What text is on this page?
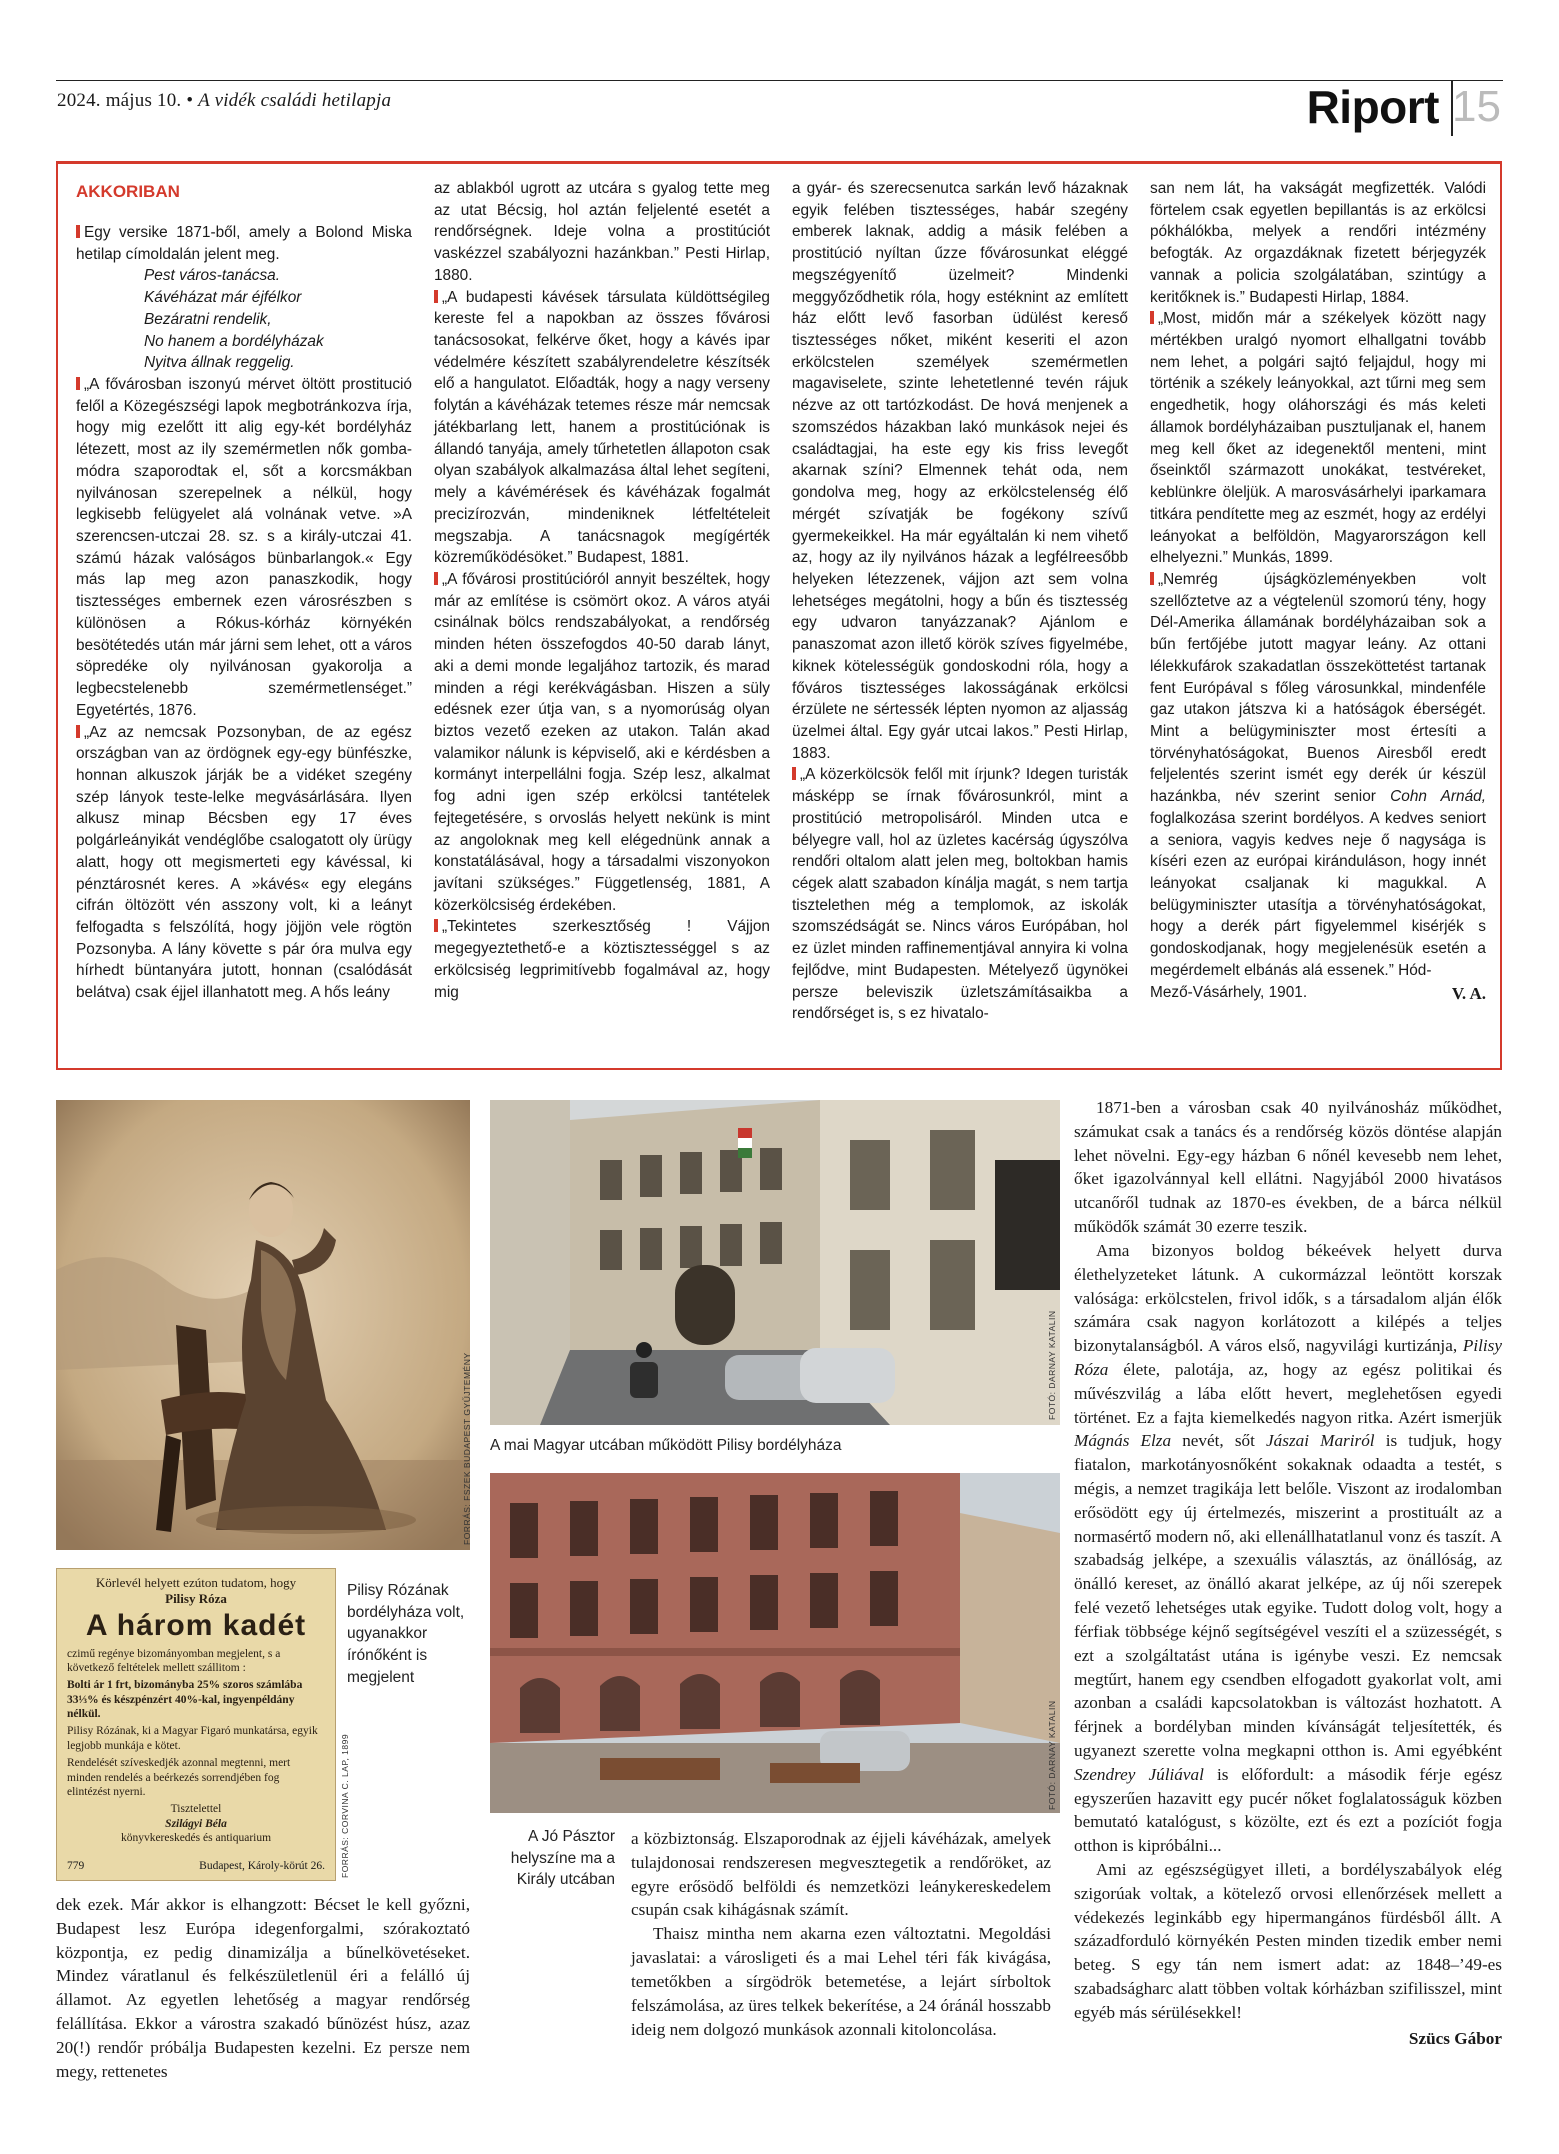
2024. május 10. • A vidék családi hetilapja	Riport 15
AKKORIBAN

Egy versike 1871-ből, amely a Bolond Miska hetilap címoldalán jelent meg.

Pest város-tanácsa.
Kávéházat már éjfélkor
Bezáratni rendelik,
No hanem a bordélyházak
Nyitva állnak reggelig.

„A fővárosban iszonyú mérvet öltött prostitució felől a Közegészségi lapok megbotránkozva írja, hogy mig ezelőtt itt alig egy-két bordélyház létezett, most az ily szemérmetlen nők gomba-módra szaporodtak el, sőt a korcsmákban nyilvánosan szerepelnek a nélkül, hogy legkisebb felügyelet alá volnának vetve. »A szerencsen-utczai 28. sz. s a király-utczai 41. számú házak valóságos bünbarlangok.« Egy más lap meg azon panaszkodik, hogy tisztességes embernek ezen városrészben s különösen a Rókus-kórház környékén besötétedés után már járni sem lehet, ott a város söpredéke oly nyilvánosan gyakorolja a legbecstelenebb szemérmetlenséget.” Egyetértés, 1876.

„Az az nemcsak Pozsonyban, de az egész országban van az ördögnek egy-egy bünfészke, honnan alkuszok járják be a vidéket szegény szép lányok teste-lelke megvásárlására. Ilyen alkusz minap Bécsben egy 17 éves polgárleányikát vendéglőbe csalogatott oly ürügy alatt, hogy ott megismerteti egy kávéssal, ki pénztárosnét keres. A »kávés« egy elegáns cifrán öltözött vén asszony volt, ki a leányt felfogadta s felszólítá, hogy jöjjön vele rögtön Pozsonyba. A lány követte s pár óra mulva egy hírhedt büntanyára jutott, honnan (csalódását belátva) csak éjjel illanhatott meg. A hős leány

az ablakból ugrott az utcára s gyalog tette meg az utat Bécsig, hol aztán feljelenté esetét a rendőrségnek. Ideje volna a prostitúciót vaskézzel szabályozni hazánkban.” Pesti Hirlap, 1880.

„A budapesti kávések társulata küldöttségileg kereste fel a napokban az összes fővárosi tanácsosokat, felkérve őket, hogy a kávés ipar védelmére készített szabályrendeletre készítsék elő a hangulatot. Előadták, hogy a nagy verseny folytán a kávéházak tetemes része már nemcsak játékbarlang lett, hanem a prostitúciónak is állandó tanyája, amely tűrhetetlen állapoton csak olyan szabályok alkalmazása által lehet segíteni, mely a kávémérések és kávéházak fogalmát precizírozván, mindeniknek létfeltételeit megszabja. A tanácsnagok megígérték közreműködésöket.” Budapest, 1881.

„A fővárosi prostitúcióról annyit beszéltek, hogy már az említése is csömört okoz. A város atyái csinálnak bölcs rendszabályokat, a rendőrség minden héten összefogdos 40-50 darab lányt, aki a demi monde legaljához tartozik, és marad minden a régi kerékvágásban. Hiszen a süly edésnek ezer útja van, s a nyomorúság olyan biztos vezető ezeken az utakon. Talán akad valamikor nálunk is képviselő, aki e kérdésben a kormányt interpellálni fogja. Szép lesz, alkalmat fog adni igen szép erkölcsi tantételek fejtegetésére, s orvoslás helyett nekünk is mint az angoloknak meg kell elégednünk annak a konstatálásával, hogy a társadalmi viszonyokon javítani szükséges.” Függetlenség, 1881, A közerkölcsiség érdekében.

„Tekintetes szerkesztőség ! Vájjon megegyeztethető-e a köztisztességgel s az erkölcsiség legprimitívebb fogalmával az, hogy mig

a gyár- és szerecsenutca sarkán levő házaknak egyik felében tisztességes, habár szegény emberek laknak, addig a másik felében a prostitúció nyíltan űzze fővárosunkat eléggé megszégyenítő üzelmeit? Mindenki meggyőződhetik róla, hogy estéknint az említett ház előtt levő fasorban üdülést kereső tisztességes nőket, miként keseriti el azon erkölcstelen személyek szemérmetlen magaviselete, szinte lehetetlenné tevén rájuk nézve az ott tartózkodást. De hová menjenek a szomszédos házakban lakó munkások nejei és családtagjai, ha este egy kis friss levegőt akarnak színi? Elmennek tehát oda, nem gondolva meg, hogy az erkölcstelenség élő mérgét szívatják be fogékony szívű gyermekeikkel. Ha már egyáltalán ki nem vihető az, hogy az ily nyilvános házak a legféIreesőbb helyeken létezzenek, vájjon azt sem volna lehetséges megátolni, hogy a bűn és tisztesség egy udvaron tanyázzanak? Ajánlom e panaszomat azon illető körök szíves figyelmébe, kiknek kötelességük gondoskodni róla, hogy a főváros tisztességes lakosságának erkölcsi érzülete ne sértessék lépten nyomon az aljasság üzelmei által. Egy gyár utcai lakos.” Pesti Hirlap, 1883.

„A közerkölcsök felől mit írjunk? Idegen turisták másképp se írnak fővárosunkról, mint a prostitúció metropolisáról. Minden utca e bélyegre vall, hol az üzletes kacérság úgyszólva rendőri oltalom alatt jelen meg, boltokban hamis cégek alatt szabadon kínálja magát, s nem tartja tisztelethen még a templomok, az iskolák szomszédságát se. Nincs város Európában, hol ez üzlet minden raffinementjával annyira ki volna fejlődve, mint Budapesten. Mételyező ügynökei persze beleviszik üzletszámításaikba a rendőrséget is, s ez hivatalo-

san nem lát, ha vakságát megfizették. Valódi förtelem csak egyetlen bepillantás is az erkölcsi pókhálókba, melyek a rendőri intézmény befogták. Az orgazdáknak fizetett bérjegyzék vannak a policia szolgálatában, szintúgy a keritőknek is.” Budapesti Hirlap, 1884.

„Most, midőn már a székelyek között nagy mértékben uralgó nyomort elhallgatni tovább nem lehet, a polgári sajtó feljajdul, hogy mi történik a székely leányokkal, azt tűrni meg sem engedhetik, hogy oláhországi és más keleti államok bordélyházaiban pusztuljanak el, hanem meg kell őket az idegenektől menteni, mint őseinktől származott unokákat, testvéreket, keblünkre öleljük. A marosvásárhelyi iparkamara titkára pendítette meg az eszmét, hogy az erdélyi leányokat a belföldön, Magyarországon kell elhelyezni.” Munkás, 1899.

„Nemrég újságközleményekben volt szellőztetve az a végtelenül szomorú tény, hogy Dél-Amerika államának bordélyházaiban sok a bűn fertőjébe jutott magyar leány. Az ottani lélekkufárok szakadatlan összeköttetést tartanak fent Európával s főleg városunkkal, mindenféle gaz utakon játszva ki a hatóságok éberségét. Mint a belügyminiszter most értesíti a törvényhatóságokat, Buenos Airesből eredt feljelentés szerint ismét egy derék úr készül hazánkba, név szerint senior Cohn Arnád, foglalkozása szerint bordélyos. A kedves seniort a seniora, vagyis kedves neje ő nagysága is kíséri ezen az európai kiránduláson, hogy innét leányokat csaljanak ki magukkal. A belügyminiszter utasítja a törvényhatóságokat, hogy a derék párt figyelemmel kisérjék s gondoskodjanak, hogy megjelenésük esetén a megérdemelt elbánás alá essenek.” Hód-

Mező-Vásárhely, 1901.	V. A.

FORRÁS: FSZEK BUDAPEST GYŰJTEMÉNY
Körlevél helyett ezúton tudatom, hogy
Pilisy Róza
A három kadét
czimű regénye bizományomban megjelent, s a következő feltételek mellett szállitom :
Bolti ár 1 frt, bizományba 25% szoros számlába 33⅓% és készpénzért 40%-kal, ingyenpéldány nélkül.
Pilisy Rózának, ki a Magyar Figaró munkatársa, egyik legjobb munkája e kötet.
Rendelését szíveskedjék azonnal megtenni, mert minden rendelés a beérkezés sorrendjében fog elintézést nyerni.
Tisztelettel
Szilágyi Béla
könyvkereskedés és antiquarium
779	Budapest, Károly-körút 26. FORRÁS: CORVINA C. LAP, 1899
Pilisy Rózának bordélyháza volt, ugyanakkor írónőként is megjelent
FOTÓ: DARNAY KATALIN
A mai Magyar utcában működött Pilisy bordélyháza
FOTÓ: DARNAY KATALIN
A Jó Pásztor helyszíne ma a Király utcában

dek ezek. Már akkor is elhangzott: Bécset le kell győzni, Budapest lesz Európa idegenforgalmi, szórakoztató központja, ez pedig dinamizálja a bűnelkövetéseket. Mindez váratlanul és felkészületlenül éri a felálló új államot. Az egyetlen lehetőség a magyar rendőrség felállítása. Ekkor a várostra szakadó bűnözést húsz, azaz 20(!) rendőr próbálja Budapesten kezelni. Ez persze nem megy, rettenetes

a közbiztonság. Elszaporodnak az éjjeli kávéházak, amelyek tulajdonosai rendszeresen megvesztegetik a rendőröket, az egyre erősödő belföldi és nemzetközi leánykereskedelem csupán csak kihágásnak számít.

Thaisz mintha nem akarna ezen változtatni. Megoldási javaslatai: a városligeti és a mai Lehel téri fák kivágása, temetőkben a sírgödrök betemetése, a lejárt sírboltok felszámolása, az üres telkek bekerítése, a 24 óránál hosszabb ideig nem dolgozó munkások azonnali kitoloncolása.

1871-ben a városban csak 40 nyilvánosház működhet, számukat csak a tanács és a rendőrség közös döntése alapján lehet növelni. Egy-egy házban 6 nőnél kevesebb nem lehet, őket igazolvánnyal kell ellátni. Nagyjából 2000 hivatásos utcanőről tudnak az 1870-es években, de a bárca nélkül működők számát 30 ezerre teszik.

Ama bizonyos boldog békeévek helyett durva élethelyzeteket látunk. A cukormázzal leöntött korszak valósága: erkölcstelen, frivol idők, s a társadalom alján élők számára csak nagyon korlátozott a kilépés a teljes bizonytalanságból. A város első, nagyvilági kurtizánja, Pilisy Róza élete, palotája, az, hogy az egész politikai és művészvilág a lába előtt hevert, meglehetősen egyedi történet. Ez a fajta kiemelkedés nagyon ritka. Azért ismerjük Mágnás Elza nevét, sőt Jászai Mariról is tudjuk, hogy fiatalon, markotányosnőként sokaknak odaadta a testét, s mégis, a nemzet tragikája lett belőle. Viszont az irodalomban erősödött egy új értelmezés, miszerint a prostituált az a normasértő modern nő, aki ellenállhatatlanul vonz és taszít. A szabadság jelképe, a szexuális választás, az önállóság, az önálló kereset, az önálló akarat jelképe, az új női szerepek felé vezető lehetséges utak egyike. Tudott dolog volt, hogy a férfiak többsége kéjnő segítségével veszíti el a szüzességét, s ezt a szolgáltatást utána is igénybe veszi. Ez nemcsak megtűrt, hanem egy csendben elfogadott gyakorlat volt, ami azonban a családi kapcsolatokban is változást hozhatott. A férjnek a bordélyban minden kívánságát teljesítették, és ugyanezt szerette volna megkapni otthon is. Ami egyébként Szendrey Júliával is előfordult: a második férje egész egyszerűen hazavitt egy pucér nőket foglalatosságuk közben bemutató katalógust, s közölte, ezt és ezt a pozíciót fogja otthon is kipróbálni...

Ami az egészségügyet illeti, a bordélyszabályok elég szigorúak voltak, a kötelező orvosi ellenőrzések mellett a védekezés leginkább egy hipermangános fürdésből állt. A századforduló környékén Pesten minden tizedik ember nemi beteg. S egy tán nem ismert adat: az 1848–’49-es szabadságharc alatt többen voltak kórházban szifilisszel, mint egyéb más sérülésekkel!

Szücs Gábor
